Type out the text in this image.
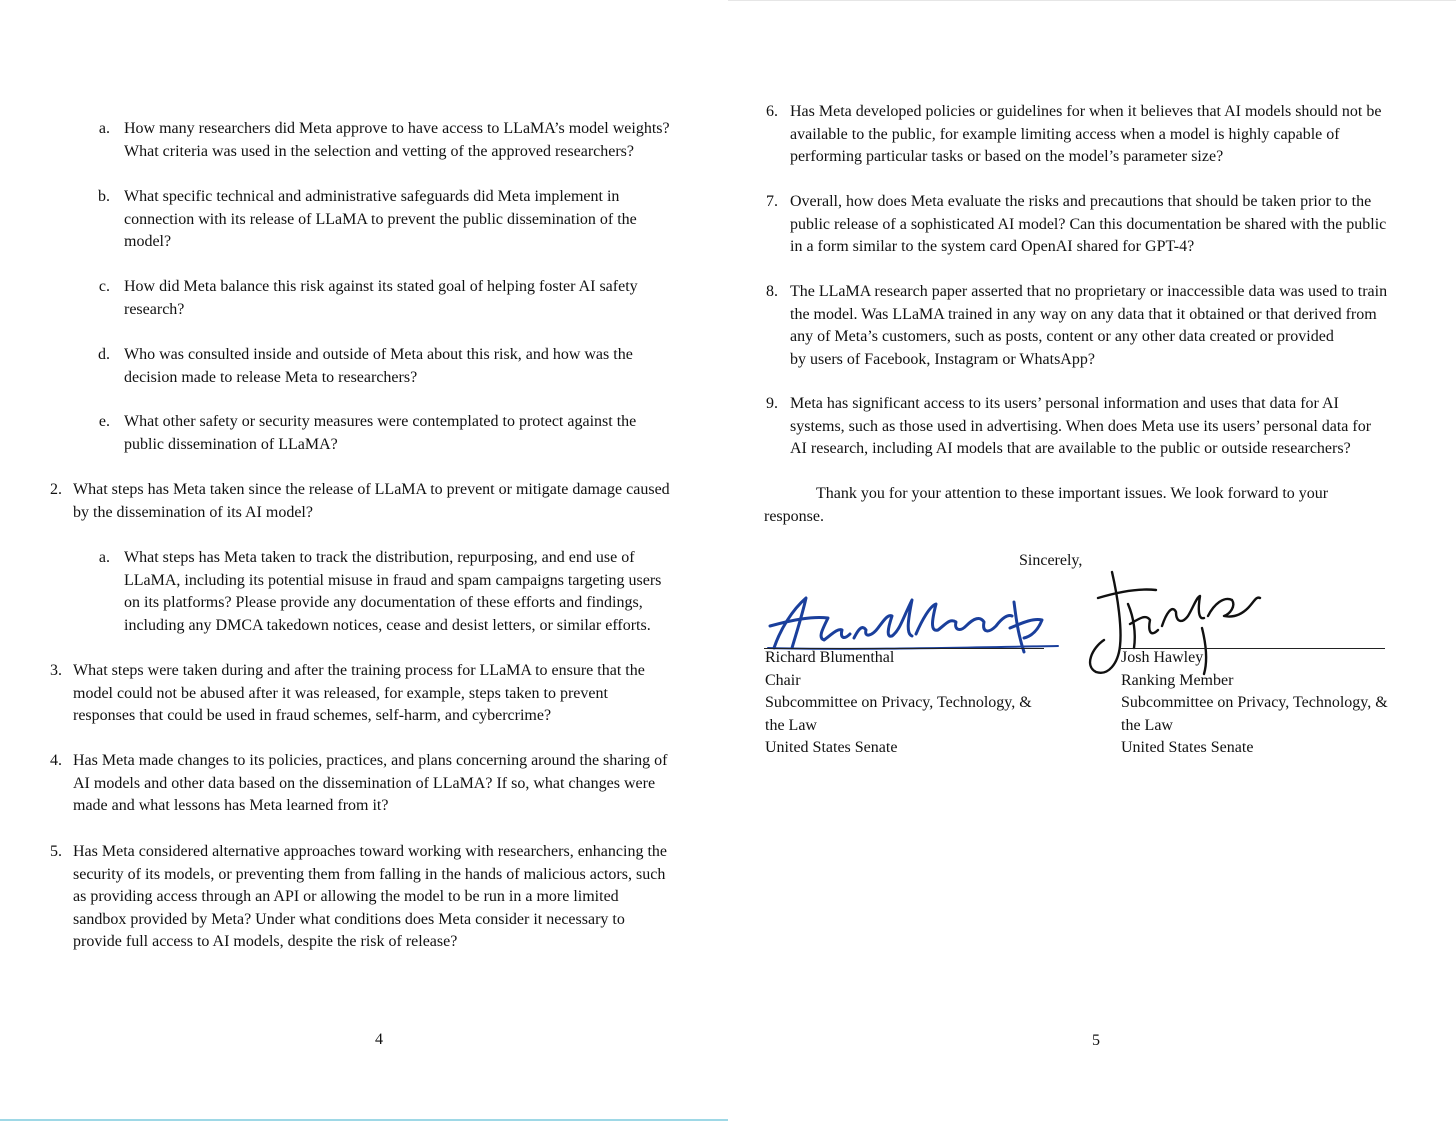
a. How many researchers did Meta approve to have access to LLaMA’s model weights?
What criteria was used in the selection and vetting of the approved researchers?
b. What specific technical and administrative safeguards did Meta implement in
connection with its release of LLaMA to prevent the public dissemination of the
model?
c. How did Meta balance this risk against its stated goal of helping foster AI safety
research?
d. Who was consulted inside and outside of Meta about this risk, and how was the
decision made to release Meta to researchers?
e. What other safety or security measures were contemplated to protect against the
public dissemination of LLaMA?
2. What steps has Meta taken since the release of LLaMA to prevent or mitigate damage caused
by the dissemination of its AI model?
a. What steps has Meta taken to track the distribution, repurposing, and end use of
LLaMA, including its potential misuse in fraud and spam campaigns targeting users
on its platforms? Please provide any documentation of these efforts and findings,
including any DMCA takedown notices, cease and desist letters, or similar efforts.
3. What steps were taken during and after the training process for LLaMA to ensure that the
model could not be abused after it was released, for example, steps taken to prevent
responses that could be used in fraud schemes, self-harm, and cybercrime?
4. Has Meta made changes to its policies, practices, and plans concerning around the sharing of
AI models and other data based on the dissemination of LLaMA? If so, what changes were
made and what lessons has Meta learned from it?
5. Has Meta considered alternative approaches toward working with researchers, enhancing the
security of its models, or preventing them from falling in the hands of malicious actors, such
as providing access through an API or allowing the model to be run in a more limited
sandbox provided by Meta? Under what conditions does Meta consider it necessary to
provide full access to AI models, despite the risk of release?
4
6. Has Meta developed policies or guidelines for when it believes that AI models should not be
available to the public, for example limiting access when a model is highly capable of
performing particular tasks or based on the model’s parameter size?
7. Overall, how does Meta evaluate the risks and precautions that should be taken prior to the
public release of a sophisticated AI model? Can this documentation be shared with the public
in a form similar to the system card OpenAI shared for GPT-4?
8. The LLaMA research paper asserted that no proprietary or inaccessible data was used to train
the model. Was LLaMA trained in any way on any data that it obtained or that derived from
any of Meta’s customers, such as posts, content or any other data created or provided
by users of Facebook, Instagram or WhatsApp?
9. Meta has significant access to its users’ personal information and uses that data for AI
systems, such as those used in advertising. When does Meta use its users’ personal data for
AI research, including AI models that are available to the public or outside researchers?
Thank you for your attention to these important issues. We look forward to your
response.
Sincerely,
Richard Blumenthal
Chair
Subcommittee on Privacy, Technology, &
the Law
United States Senate
Josh Hawley
Ranking Member
Subcommittee on Privacy, Technology, &
the Law
United States Senate
5
